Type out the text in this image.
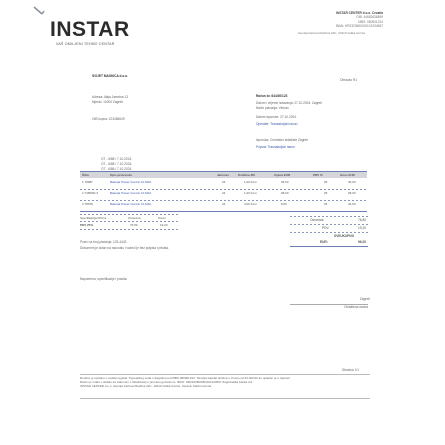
INSTAR
VAŠ OMILJENI TEHNO CENTAR
INSTAR CENTER d.o.o. Croatia
OIB: 44682636859
MBS: 080901234
IBAN: HR2323600001101234567
Avenija Karlova Mudrica 22C, 10410 Velika Gorica
SVIJET MASKICA d.o.o.
Adresa: Alaja Jasmina 13
Mjesto: 10000 Zagreb
OIB kupca: 123456649
Obrazac R1
Račun br. 644/20/123
Datum i vrijeme izdavanja: 27.10.2024. Zagreb
Način plaćanja: Virman
Datum isporuke: 27.10.2024.
Operater: Transakcijski racun
Isporuka: Centralno skladiste Zagreb
Popust: Transakcijski racun
OT - 6/88 / 7.10.2024.
OT - 6/88 / 7.10.2024.
OT - 6/88 / 7.10.2024.
Šifra	Opis proizvoda	Jamstvo	Količina JM	Cijena EUR	PDV %	Iznos EUR
1 78987	Baterija Power Gonzar 10 MAh	24	1,00 Kom	36,00	25	36,00
2 748/000-3	Baterija Power Gonzar 10 MAh	24	1,00 Kom	28,00	25	28,00
3 78978	Baterija Power Gonzar 10 MAh	24	4,00 Kom	8,00	25	32,00
Specifikacija PDV-a	Osnovica	Porez
PDV 25%	76,80	19,20
Osnovica:	76,80
PDV:	19,20
SVEUKUPNO
EUR:	96,00
Poziv na broj plaćanja: 123-4443
Dokument je izdan na računalu i važeći je bez potpisa i pečata.
Napomena, specifikacije i pravila:
Zagreb
Ovlaštena osoba
Stranica 1/1
Društvo je upisano u sudski registar Trgovačkog suda u Zagrebu pod MBS 080901234. Temeljni kapital društva u iznosu od 20.000,00 kn uplaćen je u cijelosti.
Račun je izdan u skladu sa zakonom o fiskalizaciji u prometu gotovinom. IBAN: HR2323600001101234567 Zagrebačka banka d.d.
INSTAR CENTER d.o.o. Avenija Karlova Mudrica 22C, 10410 Velika Gorica. Uprava: Marko Horvat.
